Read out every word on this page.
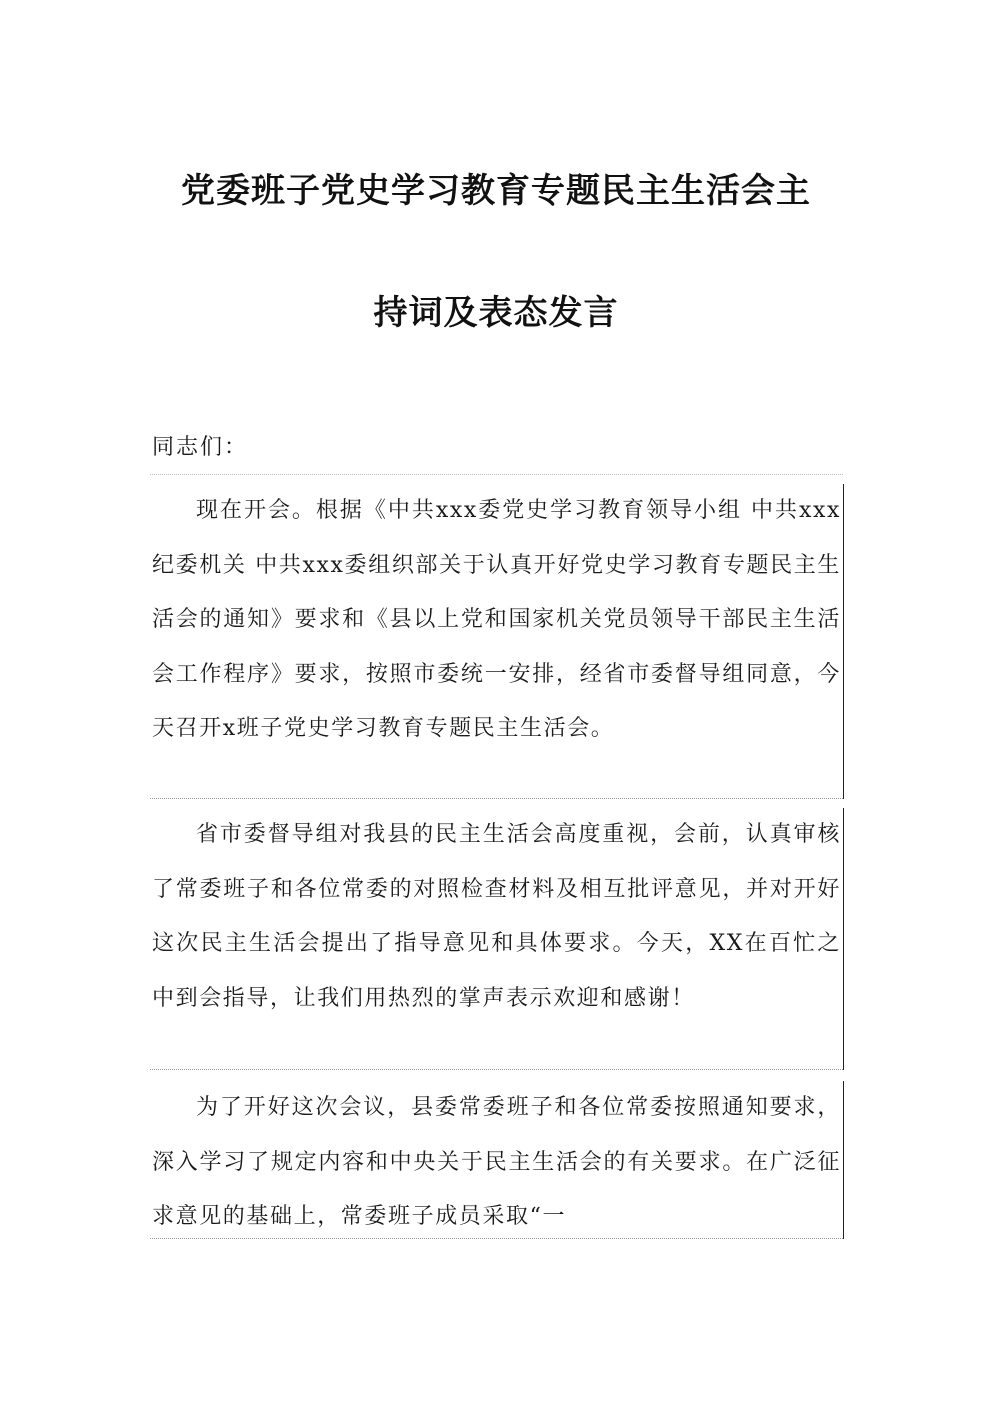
党委班子党史学习教育专题民主生活会主
持词及表态发言
同志们：
现在开会。根据《中共xxx委党史学习教育领导小组 中共xxx纪委机关 中共xxx委组织部关于认真开好党史学习教育专题民主生活会的通知》要求和《县以上党和国家机关党员领导干部民主生活会工作程序》要求，按照市委统一安排，经省市委督导组同意，今天召开x班子党史学习教育专题民主生活会。
省市委督导组对我县的民主生活会高度重视，会前，认真审核了常委班子和各位常委的对照检查材料及相互批评意见，并对开好这次民主生活会提出了指导意见和具体要求。今天，XX在百忙之中到会指导，让我们用热烈的掌声表示欢迎和感谢！
为了开好这次会议，县委常委班子和各位常委按照通知要求，深入学习了规定内容和中央关于民主生活会的有关要求。在广泛征求意见的基础上，常委班子成员采取“一
